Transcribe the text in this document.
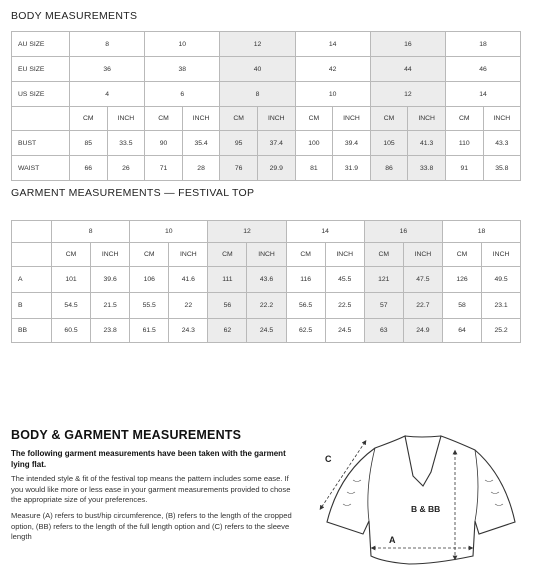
BODY MEASUREMENTS
AU SIZE	8		10		12		14		16		18	
EU SIZE	36		38		40		42		44		46	
US SIZE	4		6		8		10		12		14	
	CM	INCH	CM	INCH	CM	INCH	CM	INCH	CM	INCH	CM	INCH
BUST	85	33.5	90	35.4	95	37.4	100	39.4	105	41.3	110	43.3
WAIST	66	26	71	28	76	29.9	81	31.9	86	33.8	91	35.8
GARMENT MEASUREMENTS — FESTIVAL TOP
	8		10		12		14		16		18	
	CM	INCH	CM	INCH	CM	INCH	CM	INCH	CM	INCH	CM	INCH
A	101	39.6	106	41.6	111	43.6	116	45.5	121	47.5	126	49.5
B	54.5	21.5	55.5	22	56	22.2	56.5	22.5	57	22.7	58	23.1
BB	60.5	23.8	61.5	24.3	62	24.5	62.5	24.5	63	24.9	64	25.2
BODY & GARMENT MEASUREMENTS

The following garment measurements have been taken with the garment lying flat.

The intended style & fit of the festival top means the pattern includes some ease. If you would like more or less ease in your garment measurements provided to chose the appropriate size of your preferences.

Measure (A) refers to bust/hip circumference, (B) refers to the length of the cropped option, (BB) refers to the length of the full length option and (C) refers to the sleeve length

C
B & BB
A
